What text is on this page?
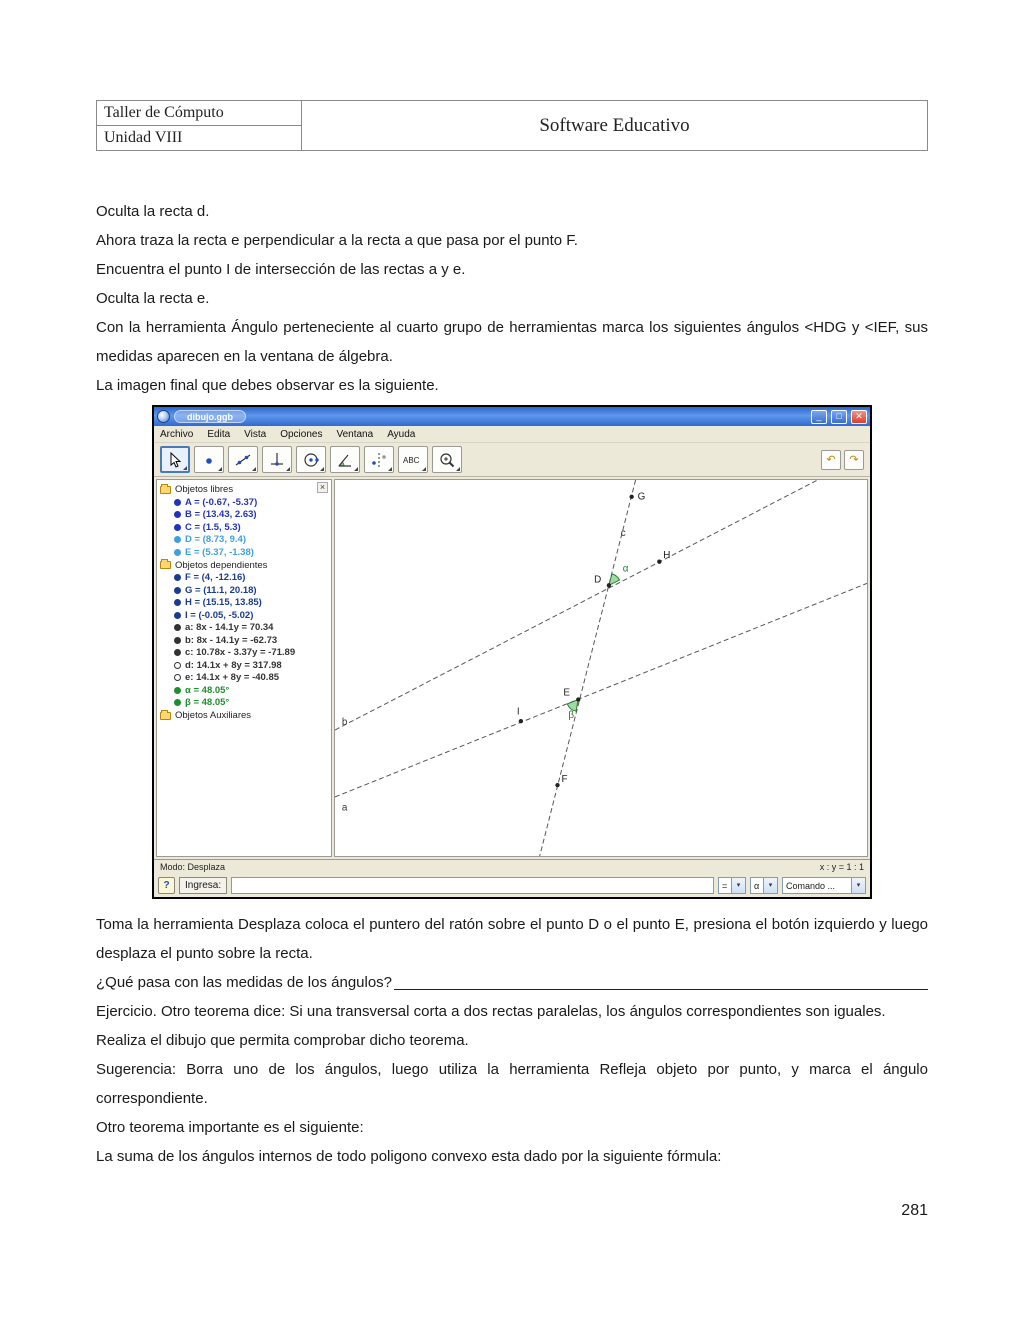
Taller de Cómputo	Software Educativo
Unidad VIII

Oculta la recta d.

Ahora traza la recta e perpendicular a la recta a que pasa por el punto F.

Encuentra el punto I de intersección de las rectas a y e.

Oculta la recta e.

Con la herramienta Ángulo perteneciente al cuarto grupo de herramientas marca los siguientes ángulos <HDG y <IEF, sus medidas aparecen en la ventana de álgebra.

La imagen final que debes observar es la siguiente.

dibujo.ggb	_	□	✕
Archivo Edita Vista Opciones Ventana Ayuda
ABC	↶	↷
×
Objetos libres
A = (-0.67, -5.37)
B = (13.43, 2.63)
C = (1.5, 5.3)
D = (8.73, 9.4)
E = (5.37, -1.38)
Objetos dependientes
F = (4, -12.16)
G = (11.1, 20.18)
H = (15.15, 13.85)
I = (-0.05, -5.02)
a: 8x - 14.1y = 70.34
b: 8x - 14.1y = -62.73
c: 10.78x - 3.37y = -71.89
d: 14.1x + 8y = 317.98
e: 14.1x + 8y = -40.85
α = 48.05°
β = 48.05°
Objetos Auxiliares
G
H
D
E
I
F
c
b
a
α
β
Modo: Desplaza	x : y = 1 : 1
?	Ingresa:	=	▾	α	▾	Comando ...	▾

Toma la herramienta Desplaza coloca el puntero del ratón sobre el punto D o el punto E, presiona el botón izquierdo y luego desplaza el punto sobre la recta.

¿Qué pasa con las medidas de los ángulos?

Ejercicio. Otro teorema dice: Si una transversal corta a dos rectas paralelas, los ángulos correspondientes son iguales.

Realiza el dibujo que permita comprobar dicho teorema.

Sugerencia: Borra uno de los ángulos, luego utiliza la herramienta Refleja objeto por punto, y marca el ángulo correspondiente.

Otro teorema importante es el siguiente:

La suma de los ángulos internos de todo poligono convexo esta dado por la siguiente fórmula:

281
